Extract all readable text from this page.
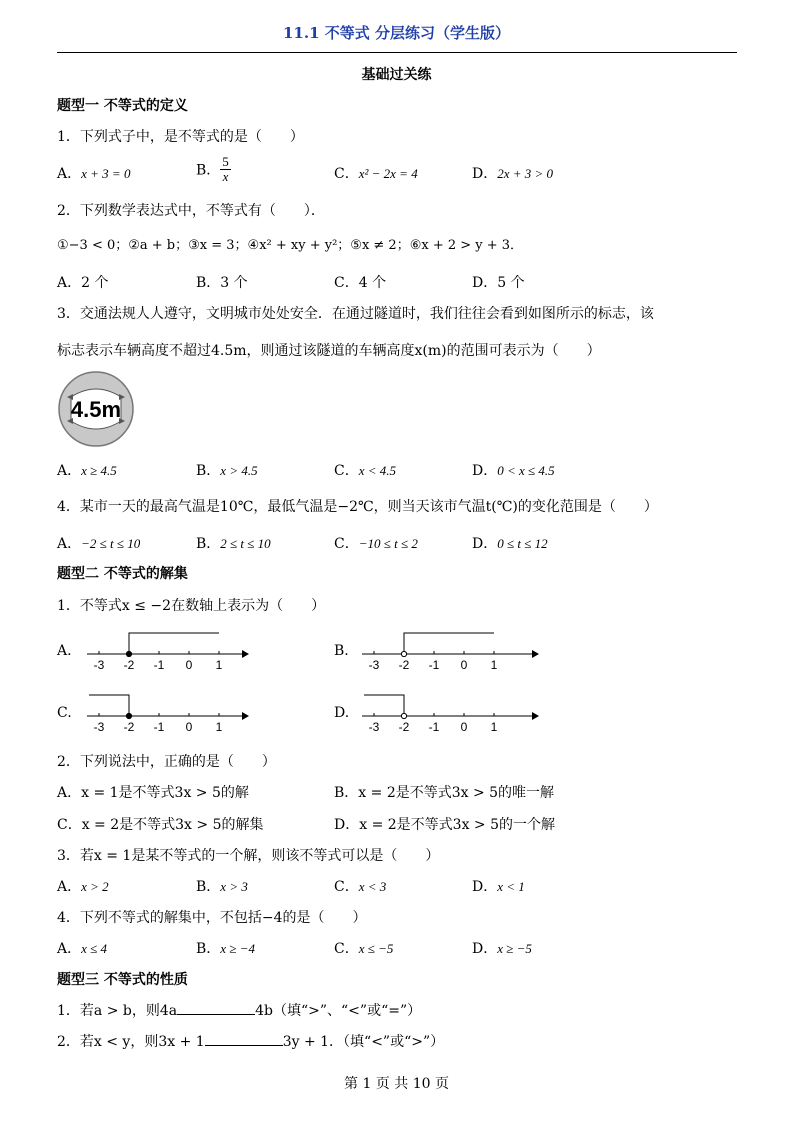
11.1 不等式 分层练习（学生版）
基础过关练
题型一 不等式的定义
1．下列式子中，是不等式的是（　　）
A．x + 3 = 0	B． $\frac{5}{x}$	C．x² − 2x = 4	D．2x + 3 > 0
2．下列数学表达式中，不等式有（　　）．
①−3 < 0；②a + b；③x = 3；④x² + xy + y²；⑤x ≠ 2；⑥x + 2 > y + 3．
A．2 个	B．3 个	C．4 个	D．5 个
3．交通法规人人遵守，文明城市处处安全．在通过隧道时，我们往往会看到如图所示的标志，该
标志表示车辆高度不超过4.5m，则通过该隧道的车辆高度x(m)的范围可表示为（　　）
4.5m
A．x ≥ 4.5	B．x > 4.5	C．x < 4.5	D．0 < x ≤ 4.5
4．某市一天的最高气温是10℃，最低气温是−2℃，则当天该市气温t(℃)的变化范围是（　　）
A．−2 ≤ t ≤ 10	B．2 ≤ t ≤ 10	C．−10 ≤ t ≤ 2	D．0 ≤ t ≤ 12
题型二 不等式的解集
1．不等式x ≤ −2在数轴上表示为（　　）
A.
-3 -2 -1 0 1
B.
-3 -2 -1 0 1
C.
-3 -2 -1 0 1
D.
-3 -2 -1 0 1
2．下列说法中，正确的是（　　）
A．x = 1是不等式3x > 5的解	B．x = 2是不等式3x > 5的唯一解
C．x = 2是不等式3x > 5的解集	D．x = 2是不等式3x > 5的一个解
3．若x = 1是某不等式的一个解，则该不等式可以是（　　）
A．x > 2	B．x > 3	C．x < 3	D．x < 1
4．下列不等式的解集中，不包括−4的是（　　）
A．x ≤ 4	B．x ≥ −4	C．x ≤ −5	D．x ≥ −5
题型三 不等式的性质
1．若a > b，则4a	4b（填“>”、“<”或“=”）
2．若x < y，则3x + 1	3y + 1．（填“<”或“>”）
第 1 页 共 10 页
